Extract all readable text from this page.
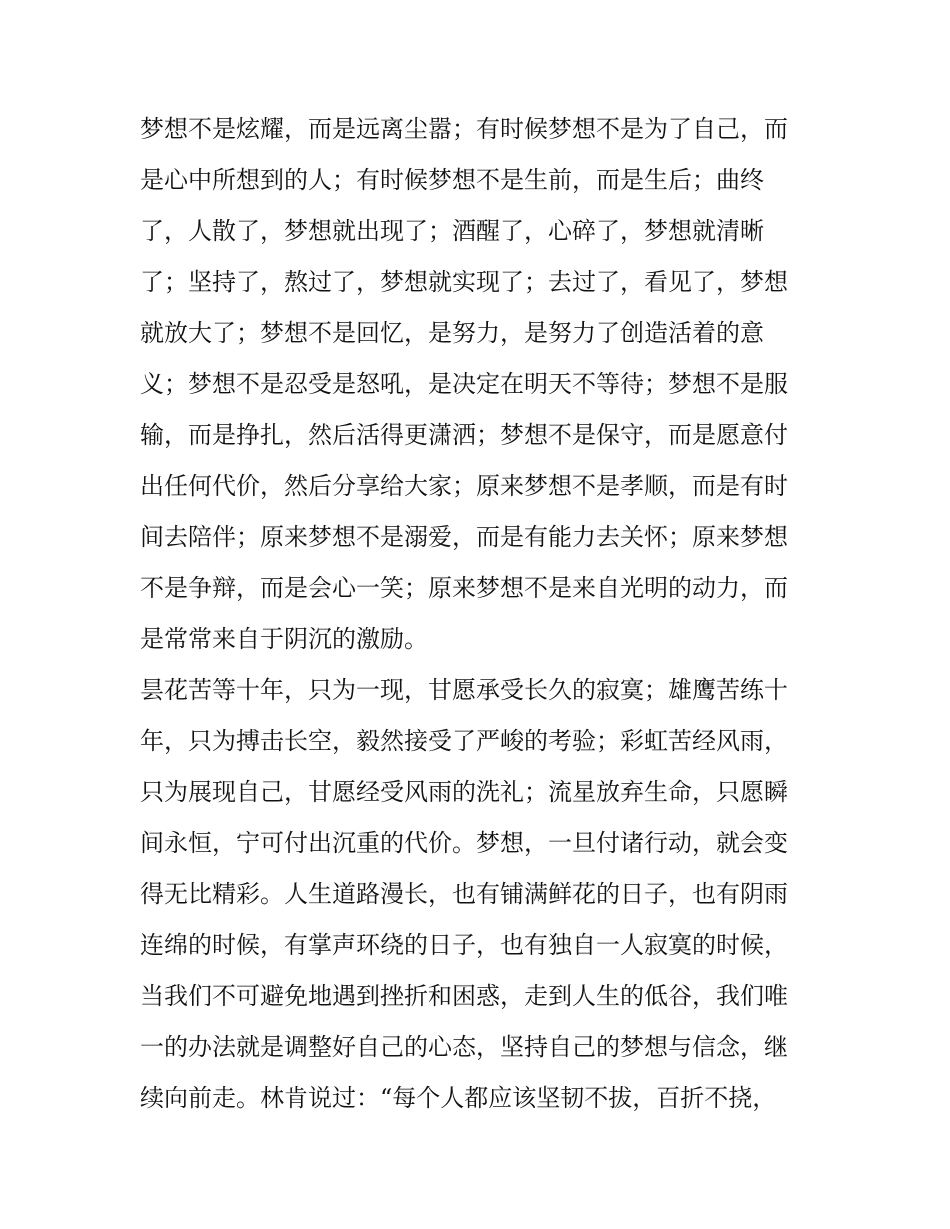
梦想不是炫耀，而是远离尘嚣；有时候梦想不是为了自己，而
是心中所想到的人；有时候梦想不是生前，而是生后；曲终
了，人散了，梦想就出现了；酒醒了，心碎了，梦想就清晰
了；坚持了，熬过了，梦想就实现了；去过了，看见了，梦想
就放大了；梦想不是回忆，是努力，是努力了创造活着的意
义；梦想不是忍受是怒吼，是决定在明天不等待；梦想不是服
输，而是挣扎，然后活得更潇洒；梦想不是保守，而是愿意付
出任何代价，然后分享给大家；原来梦想不是孝顺，而是有时
间去陪伴；原来梦想不是溺爱，而是有能力去关怀；原来梦想
不是争辩，而是会心一笑；原来梦想不是来自光明的动力，而
是常常来自于阴沉的激励。
昙花苦等十年，只为一现，甘愿承受长久的寂寞；雄鹰苦练十
年，只为搏击长空，毅然接受了严峻的考验；彩虹苦经风雨，
只为展现自己，甘愿经受风雨的洗礼；流星放弃生命，只愿瞬
间永恒，宁可付出沉重的代价。梦想，一旦付诸行动，就会变
得无比精彩。人生道路漫长，也有铺满鲜花的日子，也有阴雨
连绵的时候，有掌声环绕的日子，也有独自一人寂寞的时候，
当我们不可避免地遇到挫折和困惑，走到人生的低谷，我们唯
一的办法就是调整好自己的心态，坚持自己的梦想与信念，继
续向前走。林肯说过：“每个人都应该坚韧不拔，百折不挠，
